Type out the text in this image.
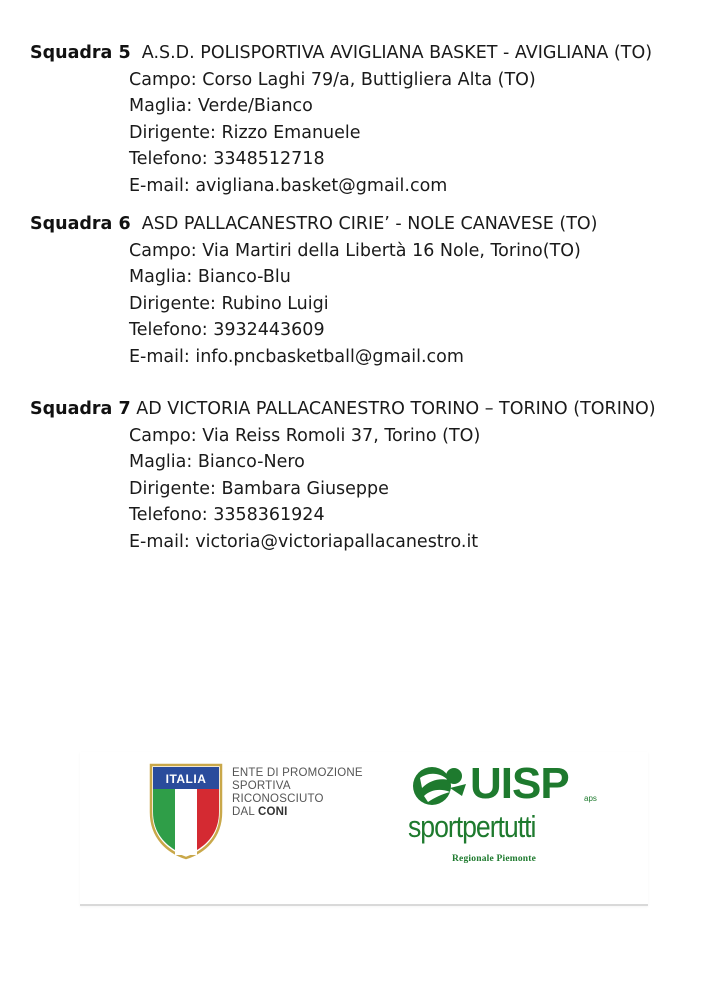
Squadra 5 A.S.D. POLISPORTIVA AVIGLIANA BASKET - AVIGLIANA (TO)
Campo: Corso Laghi 79/a, Buttigliera Alta (TO)
Maglia: Verde/Bianco
Dirigente: Rizzo Emanuele
Telefono: 3348512718
E-mail: avigliana.basket@gmail.com
Squadra 6 ASD PALLACANESTRO CIRIE’ - NOLE CANAVESE (TO)
Campo: Via Martiri della Libertà 16 Nole, Torino(TO)
Maglia: Bianco-Blu
Dirigente: Rubino Luigi
Telefono: 3932443609
E-mail: info.pncbasketball@gmail.com
Squadra 7 AD VICTORIA PALLACANESTRO TORINO – TORINO (TORINO)
Campo: Via Reiss Romoli 37, Torino (TO)
Maglia: Bianco-Nero
Dirigente: Bambara Giuseppe
Telefono: 3358361924
E-mail: victoria@victoriapallacanestro.it
ITALIA ENTE DI PROMOZIONE
SPORTIVA
RICONOSCIUTO
DAL CONI
UISP aps
sportpertutti
Regionale Piemonte
